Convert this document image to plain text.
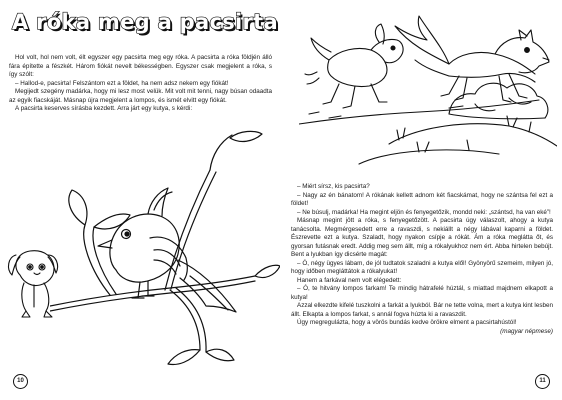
A róka meg a pacsirta

Hol volt, hol nem volt, élt egyszer egy pacsirta meg egy róka. A pacsirta a róka földjén álló fára építette a fészkét. Három fiókát nevelt békességben. Egyszer csak megjelent a róka, s így szólt:

– Hallod-e, pacsirta! Felszántom ezt a földet, ha nem adsz nekem egy fiókát!

Megijedt szegény madárka, hogy mi lesz most velük. Mit volt mit tenni, nagy búsan odaadta az egyik fiacskáját. Másnap újra megjelent a lompos, és ismét elvitt egy fiókát.

A pacsirta keserves sírásba kezdett. Arra járt egy kutya, s kérdi:

10

– Miért sírsz, kis pacsirta?

– Nagy az én bánatom! A rókának kellett adnom két fiacskámat, hogy ne szántsa fel ezt a földet!

– Ne búsulj, madárka! Ha megint eljön és fenyegetőzik, mondd neki: „szántsd, ha van eké”!

Másnap megint jött a róka, s fenyegetőzött. A pacsirta úgy válaszolt, ahogy a kutya tanácsolta. Megmérgesedett erre a ravaszdi, s nekiállt a négy lábával kaparni a földet. Észrevette ezt a kutya. Szaladt, hogy nyakon csípje a rókát. Ám a róka meglátta őt, és gyorsan futásnak eredt. Addig meg sem állt, míg a rókalyukhoz nem ért. Abba hirtelen bebújt. Bent a lyukban így dicsérte magát:

– Ó, négy ügyes lábam, de jól tudtatok szaladni a kutya elől! Gyönyörű szemeim, milyen jó, hogy időben megláttátok a rókalyukat!

Hanem a farkával nem volt elégedett:

– Ó, te hitvány lompos farkam! Te mindig hátrafelé húztál, s miattad majdnem elkapott a kutya!

Azzal elkezdte kifelé tuszkolni a farkát a lyukból. Bár ne tette volna, mert a kutya kint lesben állt. Elkapta a lompos farkat, s annál fogva húzta ki a ravaszdit.

Úgy megregulázta, hogy a vörös bundás kedve örökre elment a pacsirtahústól!

(magyar népmese)

11
